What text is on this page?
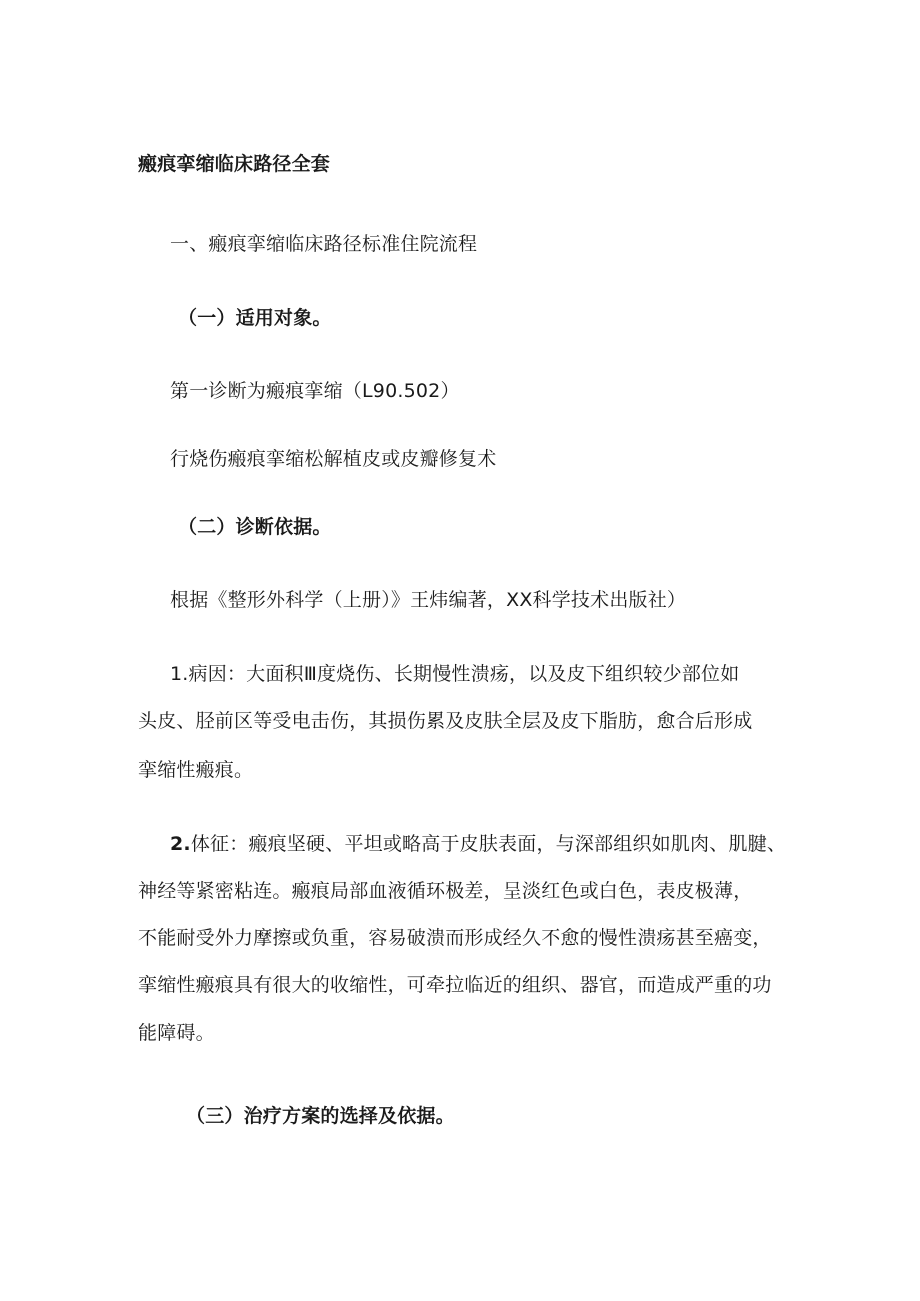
瘢痕挛缩临床路径全套

一、瘢痕挛缩临床路径标准住院流程

（一）适用对象。

第一诊断为瘢痕挛缩（L90.502）

行烧伤瘢痕挛缩松解植皮或皮瓣修复术

（二）诊断依据。

根据《整形外科学（上册）》王炜编著，XX科学技术出版社）

1.病因：大面积Ⅲ度烧伤、长期慢性溃疡，以及皮下组织较少部位如

头皮、胫前区等受电击伤，其损伤累及皮肤全层及皮下脂肪，愈合后形成

挛缩性瘢痕。

2.体征：瘢痕坚硬、平坦或略高于皮肤表面，与深部组织如肌肉、肌腱、

神经等紧密粘连。瘢痕局部血液循环极差，呈淡红色或白色，表皮极薄，

不能耐受外力摩擦或负重，容易破溃而形成经久不愈的慢性溃疡甚至癌变，

挛缩性瘢痕具有很大的收缩性，可牵拉临近的组织、器官，而造成严重的功

能障碍。

（三）治疗方案的选择及依据。
